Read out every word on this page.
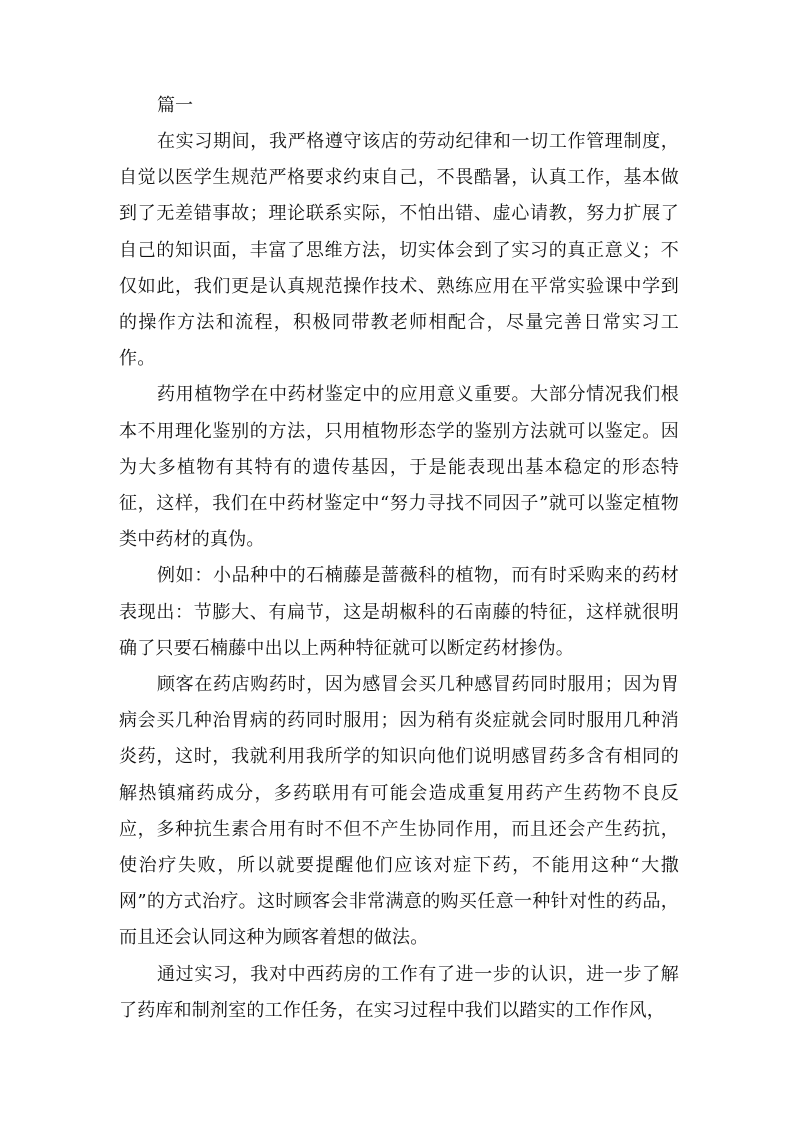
篇一

在实习期间，我严格遵守该店的劳动纪律和一切工作管理制度，自觉以医学生规范严格要求约束自己，不畏酷暑，认真工作，基本做到了无差错事故；理论联系实际，不怕出错、虚心请教，努力扩展了自己的知识面，丰富了思维方法，切实体会到了实习的真正意义；不仅如此，我们更是认真规范操作技术、熟练应用在平常实验课中学到的操作方法和流程，积极同带教老师相配合，尽量完善日常实习工作。

药用植物学在中药材鉴定中的应用意义重要。大部分情况我们根本不用理化鉴别的方法，只用植物形态学的鉴别方法就可以鉴定。因为大多植物有其特有的遗传基因，于是能表现出基本稳定的形态特征，这样，我们在中药材鉴定中“努力寻找不同因子”就可以鉴定植物类中药材的真伪。

例如：小品种中的石楠藤是蔷薇科的植物，而有时采购来的药材表现出：节膨大、有扁节，这是胡椒科的石南藤的特征，这样就很明确了只要石楠藤中出以上两种特征就可以断定药材掺伪。

顾客在药店购药时，因为感冒会买几种感冒药同时服用；因为胃病会买几种治胃病的药同时服用；因为稍有炎症就会同时服用几种消炎药，这时，我就利用我所学的知识向他们说明感冒药多含有相同的解热镇痛药成分，多药联用有可能会造成重复用药产生药物不良反应，多种抗生素合用有时不但不产生协同作用，而且还会产生药抗，使治疗失败，所以就要提醒他们应该对症下药，不能用这种“大撒网”的方式治疗。这时顾客会非常满意的购买任意一种针对性的药品，而且还会认同这种为顾客着想的做法。

通过实习，我对中西药房的工作有了进一步的认识，进一步了解了药库和制剂室的工作任务，在实习过程中我们以踏实的工作作风，
